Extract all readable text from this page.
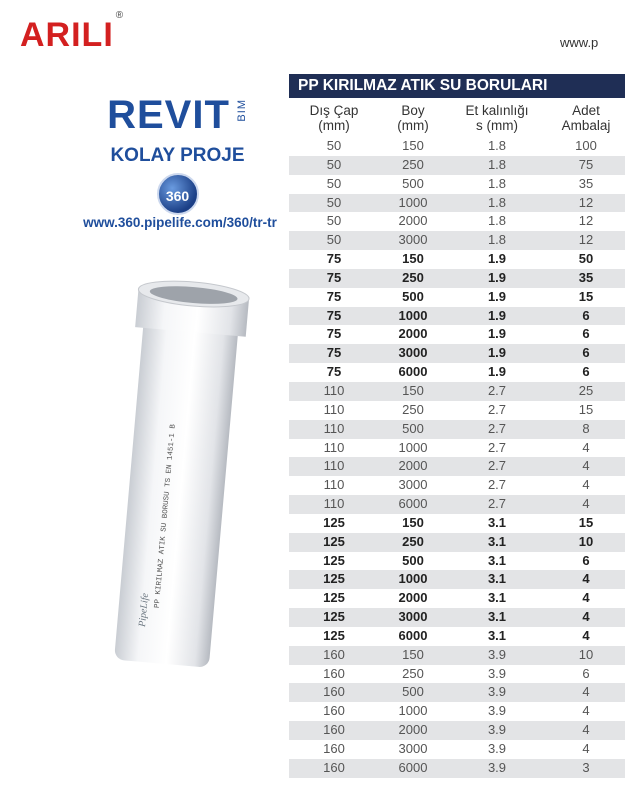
ARILI®
www.p
REVIT BIM
KOLAY PROJE
360
www.360.pipelife.com/360/tr-tr
PP KIRILMAZ ATIK SU BORUSU TS EN 1451-1 B
PipeLife
PP KIRILMAZ ATIK SU BORULARI
Dış Çap
(mm)
Boy
(mm)
Et kalınlığı
s (mm)
Adet
Ambalaj
50	150	1.8	100
50	250	1.8	75
50	500	1.8	35
50	1000	1.8	12
50	2000	1.8	12
50	3000	1.8	12
75	150	1.9	50
75	250	1.9	35
75	500	1.9	15
75	1000	1.9	6
75	2000	1.9	6
75	3000	1.9	6
75	6000	1.9	6
110	150	2.7	25
110	250	2.7	15
110	500	2.7	8
110	1000	2.7	4
110	2000	2.7	4
110	3000	2.7	4
110	6000	2.7	4
125	150	3.1	15
125	250	3.1	10
125	500	3.1	6
125	1000	3.1	4
125	2000	3.1	4
125	3000	3.1	4
125	6000	3.1	4
160	150	3.9	10
160	250	3.9	6
160	500	3.9	4
160	1000	3.9	4
160	2000	3.9	4
160	3000	3.9	4
160	6000	3.9	3
